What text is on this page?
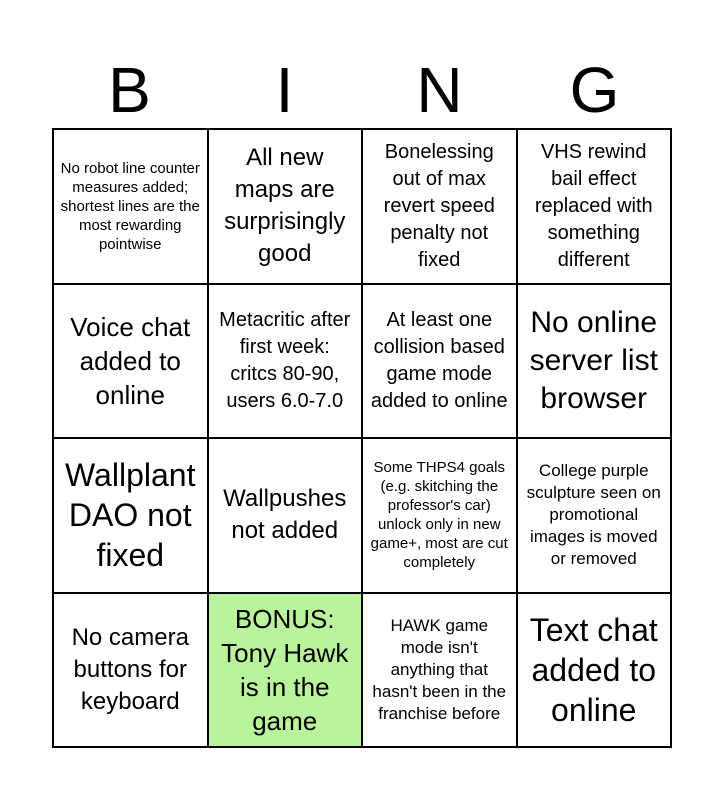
B	I	N	G
No robot line counter measures added; shortest lines are the most rewarding pointwise
All new maps are surprisingly good
Bonelessing out of max revert speed penalty not fixed
VHS rewind bail effect replaced with something different
Voice chat added to online
Metacritic after first week: critcs 80-90, users 6.0-7.0
At least one collision based game mode added to online
No online server list browser
Wallplant DAO not fixed
Wallpushes not added
Some THPS4 goals (e.g. skitching the professor's car) unlock only in new game+, most are cut completely
College purple sculpture seen on promotional images is moved or removed
No camera buttons for keyboard
BONUS: Tony Hawk is in the game
HAWK game mode isn't anything that hasn't been in the franchise before
Text chat added to online
